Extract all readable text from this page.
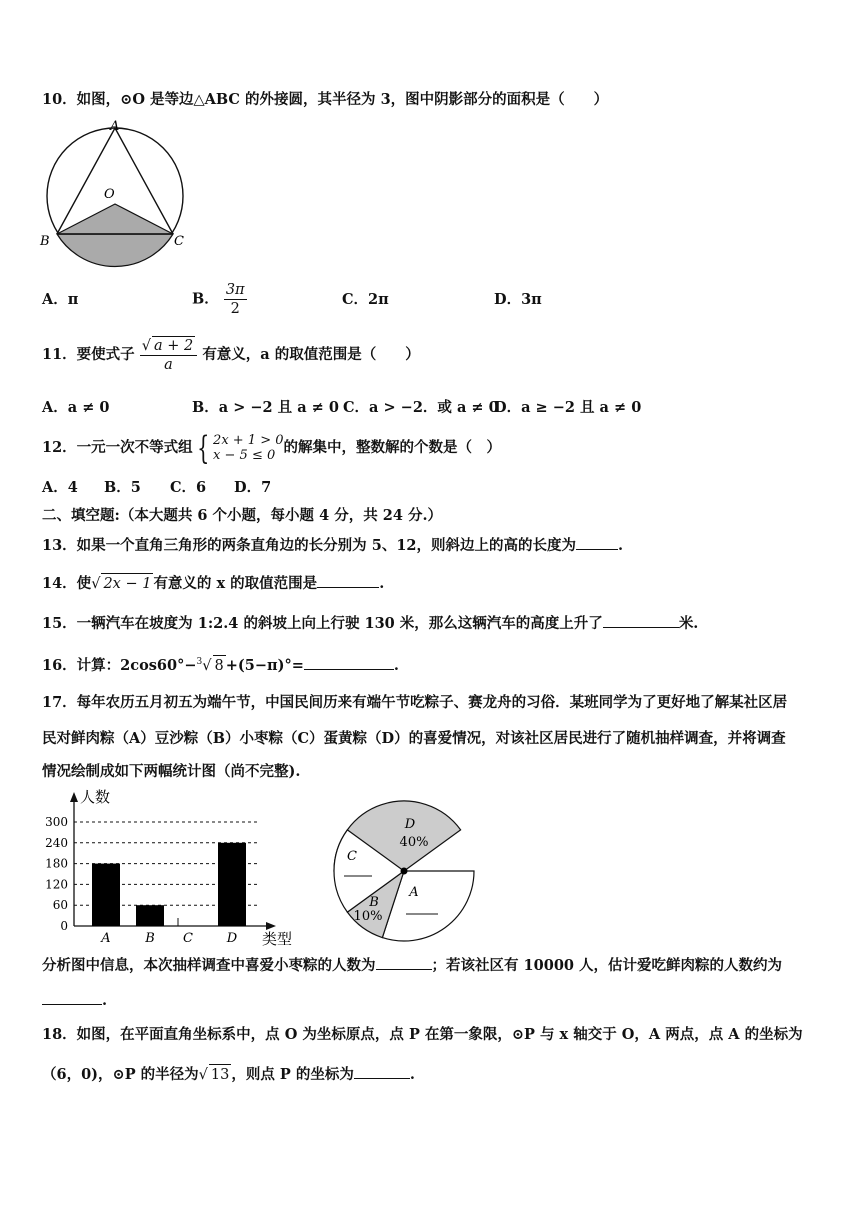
10．如图，⊙O 是等边△ABC 的外接圆，其半径为 3，图中阴影部分的面积是（　　）
A
O
B	C
A．π	B． $\frac{3\pi}{2}$	C．2π	D．3π
11．要使式子 $\frac{√ a + 2}{a}$ 有意义，a 的取值范围是（　　）
A．a ≠ 0	B．a > −2 且 a ≠ 0 C．a > −2．或 a ≠ 0
D．a ≥ −2 且 a ≠ 0
12．一元一次不等式组 { 2x + 1 > 0
x − 5 ≤ 0 的解集中，整数解的个数是（　）
A．4 B．5 C．6 D．7
二、填空题:（本大题共 6 个小题，每小题 4 分，共 24 分.）
13．如果一个直角三角形的两条直角边的长分别为 5、12，则斜边上的高的长度为	.
14．使√ 2x − 1 有意义的 x 的取值范围是	.
15．一辆汽车在坡度为 1:2.4 的斜坡上向上行驶 130 米，那么这辆汽车的高度上升了	米.
16．计算：2cos60°−$^3$√ 8 +(5−π)°=	.
17．每年农历五月初五为端午节，中国民间历来有端午节吃粽子、赛龙舟的习俗．某班同学为了更好地了解某社区居
民对鲜肉粽（A）豆沙粽（B）小枣粽（C）蛋黄粽（D）的喜爱情况，对该社区居民进行了随机抽样调查，并将调查
情况绘制成如下两幅统计图（尚不完整).
0
60
120
180
240
300
人数
类型
A	B C	D
D
40%
A
B
10%
C
分析图中信息，本次抽样调查中喜爱小枣粽的人数为	；若该社区有 10000 人，估计爱吃鲜肉粽的人数约为
.
18．如图，在平面直角坐标系中，点 O 为坐标原点，点 P 在第一象限，⊙P 与 x 轴交于 O，A 两点，点 A 的坐标为
（6，0)，⊙P 的半径为√ 13 ，则点 P 的坐标为	.
